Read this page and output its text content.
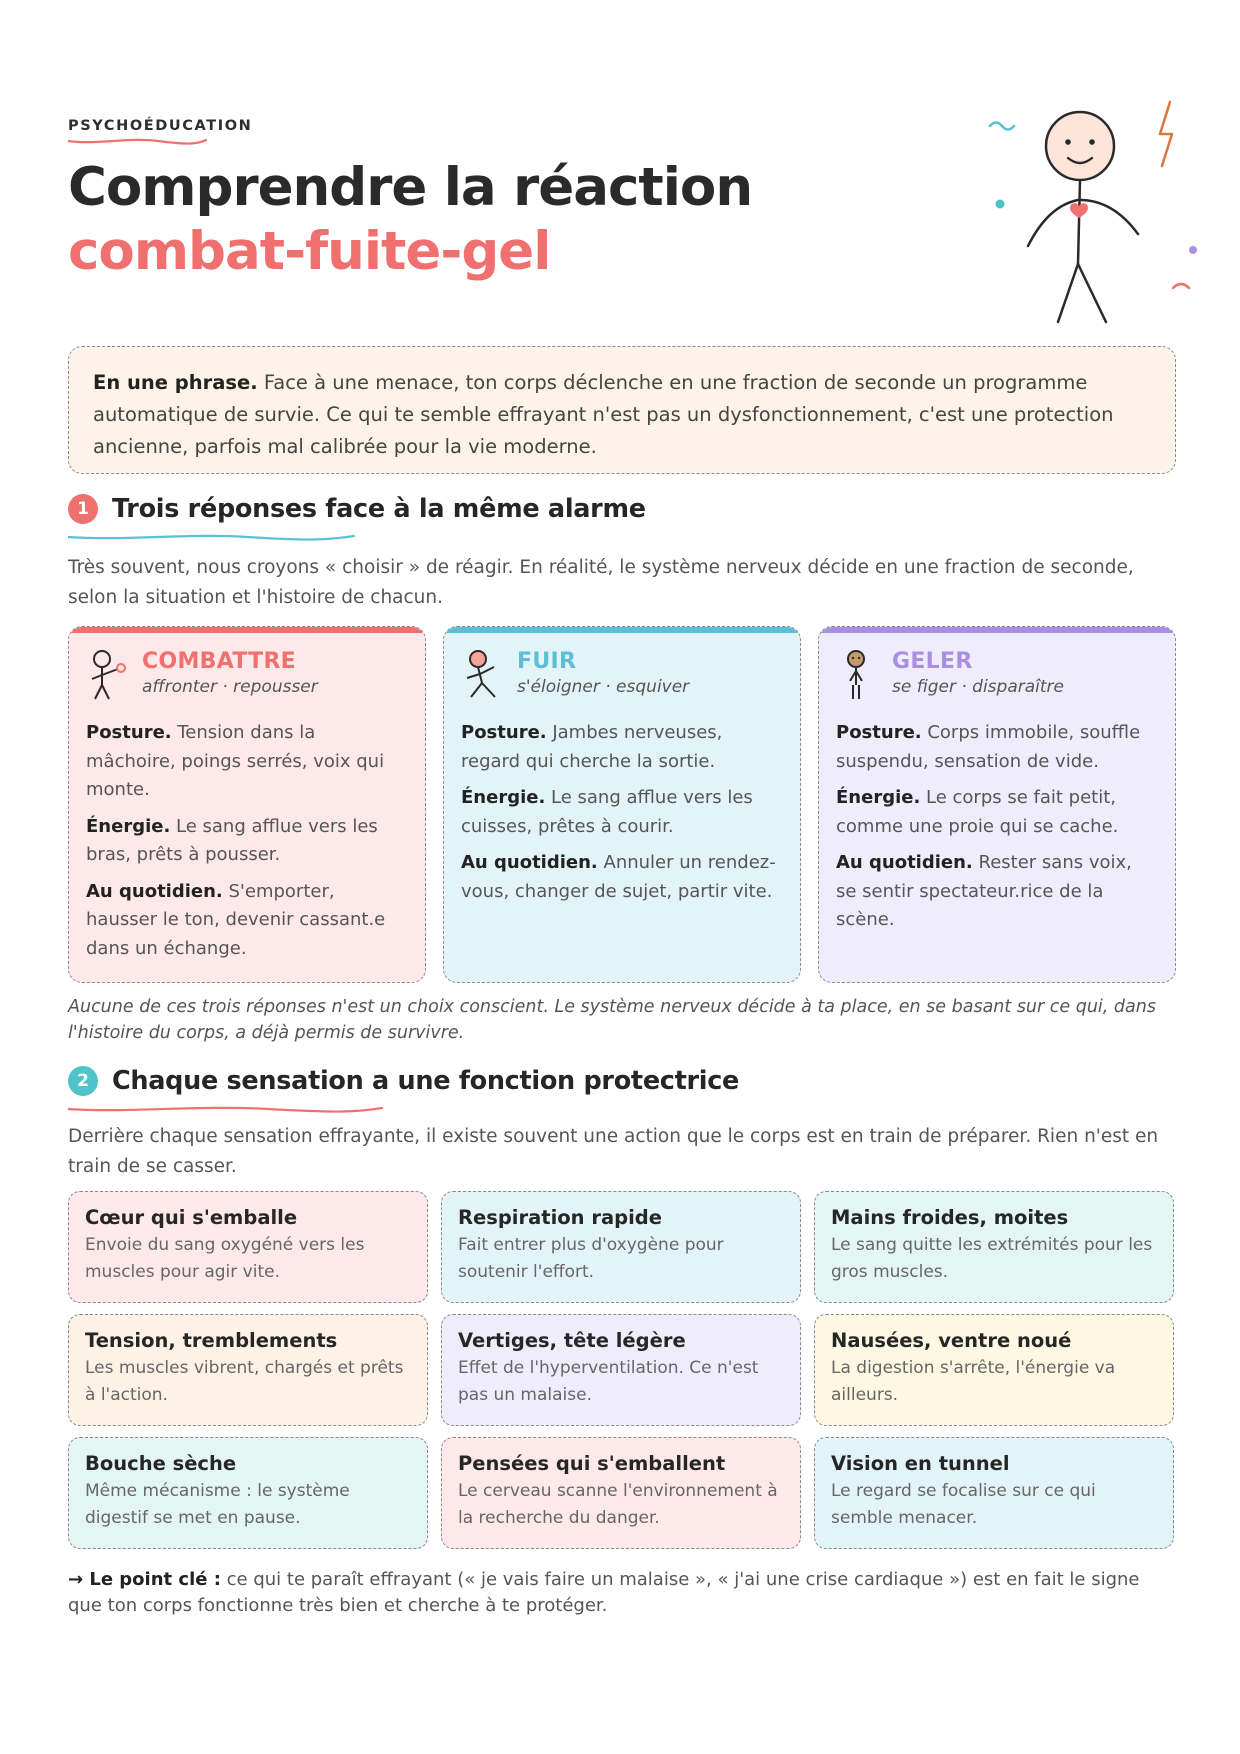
PSYCHOÉDUCATION
Comprendre la réaction
combat-fuite-gel
En une phrase. Face à une menace, ton corps déclenche en une fraction de seconde un programme automatique de survie. Ce qui te semble effrayant n'est pas un dysfonctionnement, c'est une protection ancienne, parfois mal calibrée pour la vie moderne.
1 Trois réponses face à la même alarme

Très souvent, nous croyons « choisir » de réagir. En réalité, le système nerveux décide en une fraction de seconde, selon la situation et l'histoire de chacun.

COMBATTRE
affronter · repousser

Posture. Tension dans la mâchoire, poings serrés, voix qui monte.

Énergie. Le sang afflue vers les bras, prêts à pousser.

Au quotidien. S'emporter, hausser le ton, devenir cassant.e dans un échange.

FUIR
s'éloigner · esquiver

Posture. Jambes nerveuses, regard qui cherche la sortie.

Énergie. Le sang afflue vers les cuisses, prêtes à courir.

Au quotidien. Annuler un rendez-vous, changer de sujet, partir vite.

GELER
se figer · disparaître

Posture. Corps immobile, souffle suspendu, sensation de vide.

Énergie. Le corps se fait petit, comme une proie qui se cache.

Au quotidien. Rester sans voix, se sentir spectateur.rice de la scène.

Aucune de ces trois réponses n'est un choix conscient. Le système nerveux décide à ta place, en se basant sur ce qui, dans l'histoire du corps, a déjà permis de survivre.

2 Chaque sensation a une fonction protectrice

Derrière chaque sensation effrayante, il existe souvent une action que le corps est en train de préparer. Rien n'est en train de se casser.

Cœur qui s'emballe
Envoie du sang oxygéné vers les muscles pour agir vite.
Respiration rapide
Fait entrer plus d'oxygène pour soutenir l'effort.
Mains froides, moites
Le sang quitte les extrémités pour les gros muscles.
Tension, tremblements
Les muscles vibrent, chargés et prêts à l'action.
Vertiges, tête légère
Effet de l'hyperventilation. Ce n'est pas un malaise.
Nausées, ventre noué
La digestion s'arrête, l'énergie va ailleurs.
Bouche sèche
Même mécanisme : le système digestif se met en pause.
Pensées qui s'emballent
Le cerveau scanne l'environnement à la recherche du danger.
Vision en tunnel
Le regard se focalise sur ce qui semble menacer.

→ Le point clé : ce qui te paraît effrayant (« je vais faire un malaise », « j'ai une crise cardiaque ») est en fait le signe que ton corps fonctionne très bien et cherche à te protéger.
